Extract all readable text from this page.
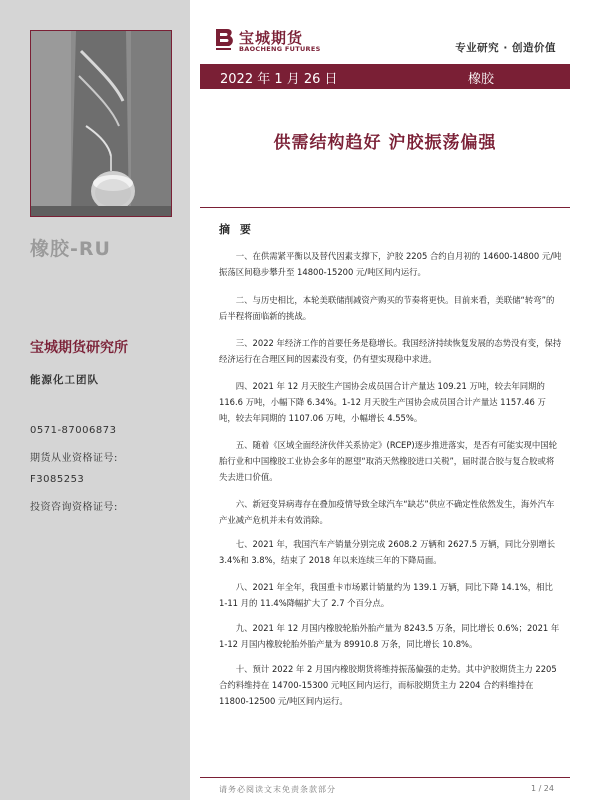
橡胶-RU
宝城期货研究所
能源化工团队
0571-87006873
期货从业资格证号:
F3085253
投资咨询资格证号:
宝城期货
BAOCHENG FUTURES	专业研究 · 创造价值
2022 年 1 月 26 日	橡胶
供需结构趋好 沪胶振荡偏强
摘 要
一、在供需紧平衡以及替代因素支撑下，沪胶 2205 合约自月初的 14600-14800 元/吨振荡区间稳步攀升至 14800-15200 元/吨区间内运行。
二、与历史相比，本轮美联储削减资产购买的节奏将更快。目前来看，美联储“转弯”的后半程将面临新的挑战。
三、2022 年经济工作的首要任务是稳增长。我国经济持续恢复发展的态势没有变，保持经济运行在合理区间的因素没有变，仍有望实现稳中求进。
四、2021 年 12 月天胶生产国协会成员国合计产量达 109.21 万吨，较去年同期的 116.6 万吨，小幅下降 6.34%。1-12 月天胶生产国协会成员国合计产量达 1157.46 万吨，较去年同期的 1107.06 万吨，小幅增长 4.55%。
五、随着《区域全面经济伙伴关系协定》(RCEP)逐步推进落实，是否有可能实现中国轮胎行业和中国橡胶工业协会多年的愿望“取消天然橡胶进口关税”，届时混合胶与复合胶或将失去进口价值。
六、新冠变异病毒存在叠加疫情导致全球汽车“缺芯”供应不确定性依然发生，海外汽车产业减产危机并未有效消除。
七、2021 年，我国汽车产销量分别完成 2608.2 万辆和 2627.5 万辆，同比分别增长 3.4%和 3.8%，结束了 2018 年以来连续三年的下降局面。
八、2021 年全年，我国重卡市场累计销量约为 139.1 万辆，同比下降 14.1%，相比 1-11 月的 11.4%降幅扩大了 2.7 个百分点。
九、2021 年 12 月国内橡胶轮胎外胎产量为 8243.5 万条，同比增长 0.6%；2021 年 1-12 月国内橡胶轮胎外胎产量为 89910.8 万条，同比增长 10.8%。
十、预计 2022 年 2 月国内橡胶期货将维持振荡偏强的走势。其中沪胶期货主力 2205 合约料维持在 14700-15300 元吨区间内运行，而标胶期货主力 2204 合约料维持在 11800-12500 元/吨区间内运行。
请务必阅读文末免责条款部分	1 / 24
